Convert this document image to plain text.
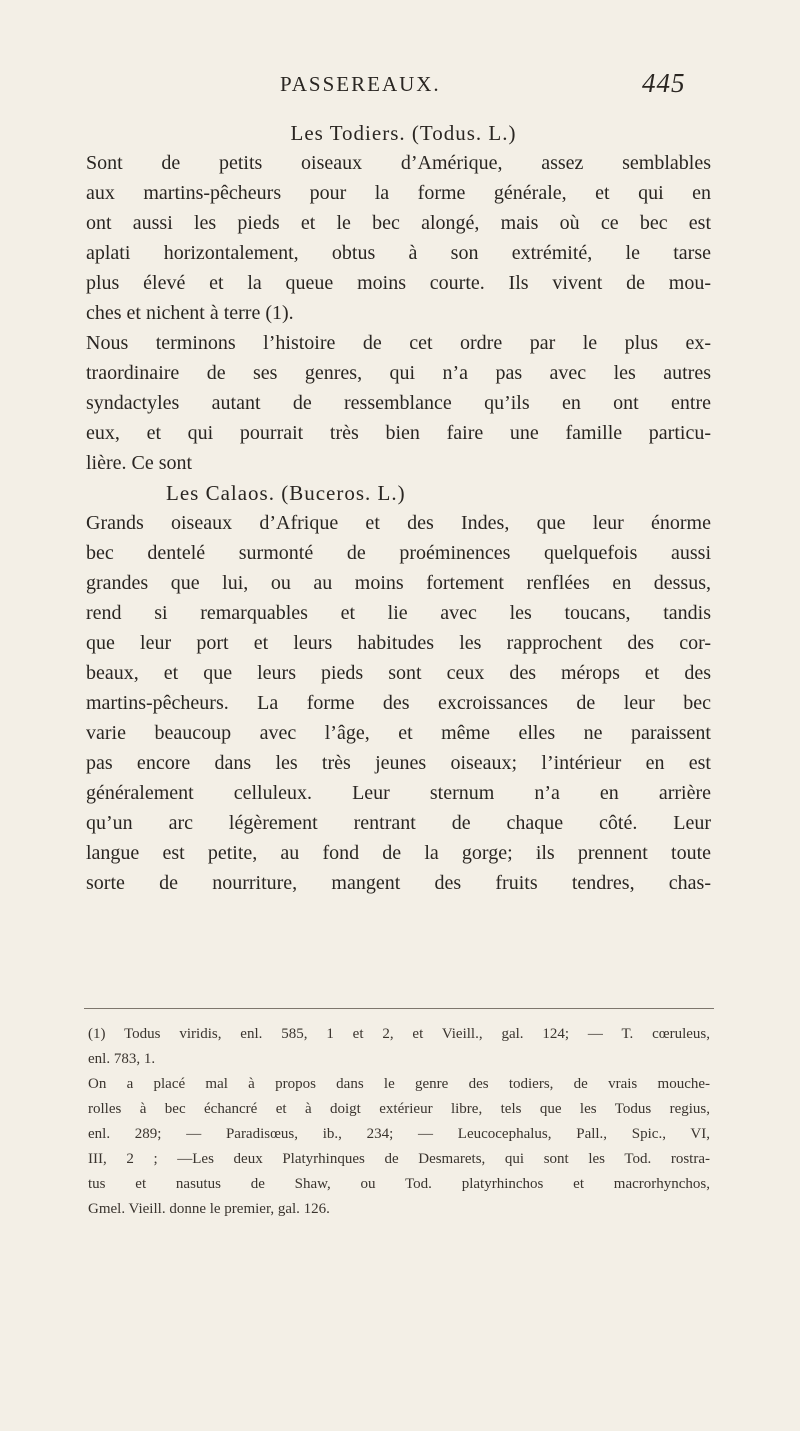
PASSEREAUX.	445
Les Todiers. (Todus. L.)
Sont de petits oiseaux d’Amérique, assez semblables
aux martins-pêcheurs pour la forme générale, et qui en
ont aussi les pieds et le bec alongé, mais où ce bec est
aplati horizontalement, obtus à son extrémité, le tarse
plus élevé et la queue moins courte. Ils vivent de mou-
ches et nichent à terre (1).
Nous terminons l’histoire de cet ordre par le plus ex-
traordinaire de ses genres, qui n’a pas avec les autres
syndactyles autant de ressemblance qu’ils en ont entre
eux, et qui pourrait très bien faire une famille particu-
lière. Ce sont
Les Calaos. (Buceros. L.)
Grands oiseaux d’Afrique et des Indes, que leur énorme
bec dentelé surmonté de proéminences quelquefois aussi
grandes que lui, ou au moins fortement renflées en dessus,
rend si remarquables et lie avec les toucans, tandis
que leur port et leurs habitudes les rapprochent des cor-
beaux, et que leurs pieds sont ceux des mérops et des
martins-pêcheurs. La forme des excroissances de leur bec
varie beaucoup avec l’âge, et même elles ne paraissent
pas encore dans les très jeunes oiseaux; l’intérieur en est
généralement celluleux. Leur sternum n’a en arrière
qu’un arc légèrement rentrant de chaque côté. Leur
langue est petite, au fond de la gorge; ils prennent toute
sorte de nourriture, mangent des fruits tendres, chas-
(1) Todus viridis, enl. 585, 1 et 2, et Vieill., gal. 124; — T. cœruleus,
enl. 783, 1.
On a placé mal à propos dans le genre des todiers, de vrais mouche-
rolles à bec échancré et à doigt extérieur libre, tels que les Todus regius,
enl. 289; — Paradisœus, ib., 234; — Leucocephalus, Pall., Spic., VI,
III, 2 ; —Les deux Platyrhinques de Desmarets, qui sont les Tod. rostra-
tus et nasutus de Shaw, ou Tod. platyrhinchos et macrorhynchos,
Gmel. Vieill. donne le premier, gal. 126.
